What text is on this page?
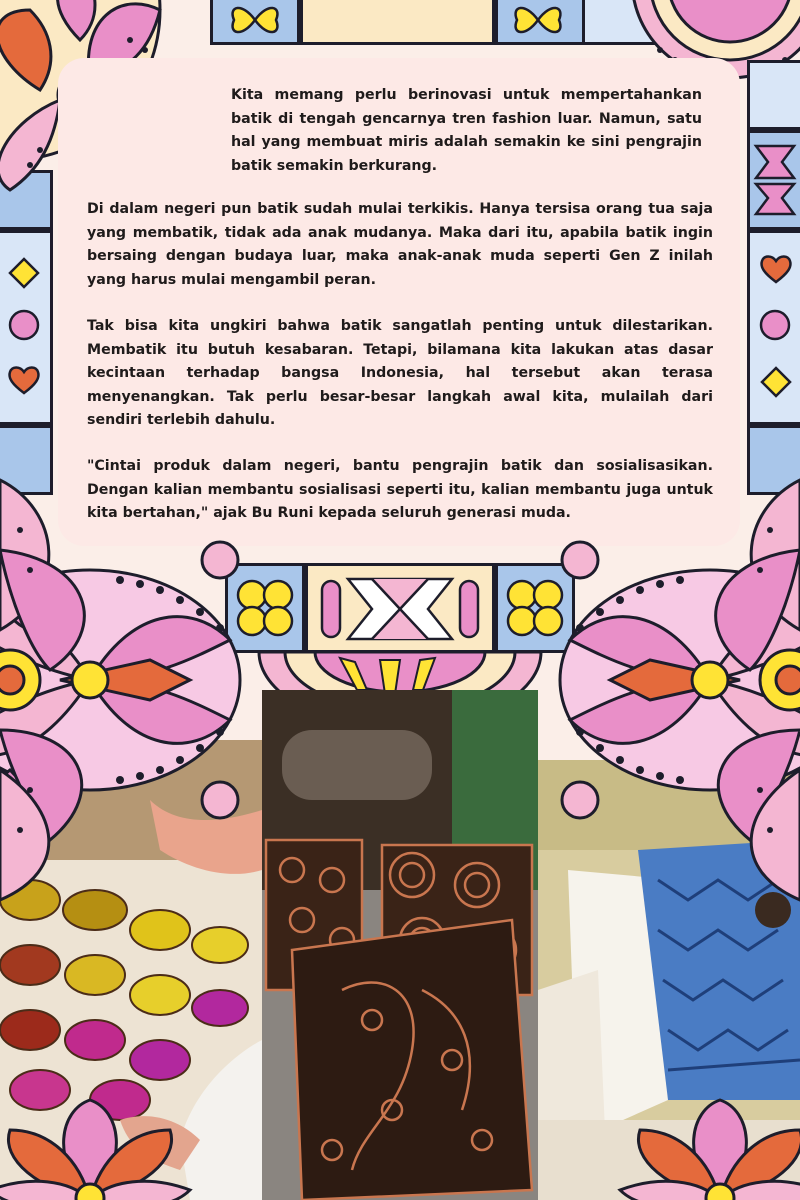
Kita memang perlu berinovasi untuk mempertahankan batik di tengah gencarnya tren fashion luar. Namun, satu hal yang membuat miris adalah semakin ke sini pengrajin batik semakin berkurang.

Di dalam negeri pun batik sudah mulai terkikis. Hanya tersisa orang tua saja yang membatik, tidak ada anak mudanya. Maka dari itu, apabila batik ingin bersaing dengan budaya luar, maka anak-anak muda seperti Gen Z inilah yang harus mulai mengambil peran.

Tak bisa kita ungkiri bahwa batik sangatlah penting untuk dilestarikan. Membatik itu butuh kesabaran. Tetapi, bilamana kita lakukan atas dasar kecintaan terhadap bangsa Indonesia, hal tersebut akan terasa menyenangkan. Tak perlu besar-besar langkah awal kita, mulailah dari sendiri terlebih dahulu.

"Cintai produk dalam negeri, bantu pengrajin batik dan sosialisasikan. Dengan kalian membantu sosialisasi seperti itu, kalian membantu juga untuk kita bertahan," ajak Bu Runi kepada seluruh generasi muda.
